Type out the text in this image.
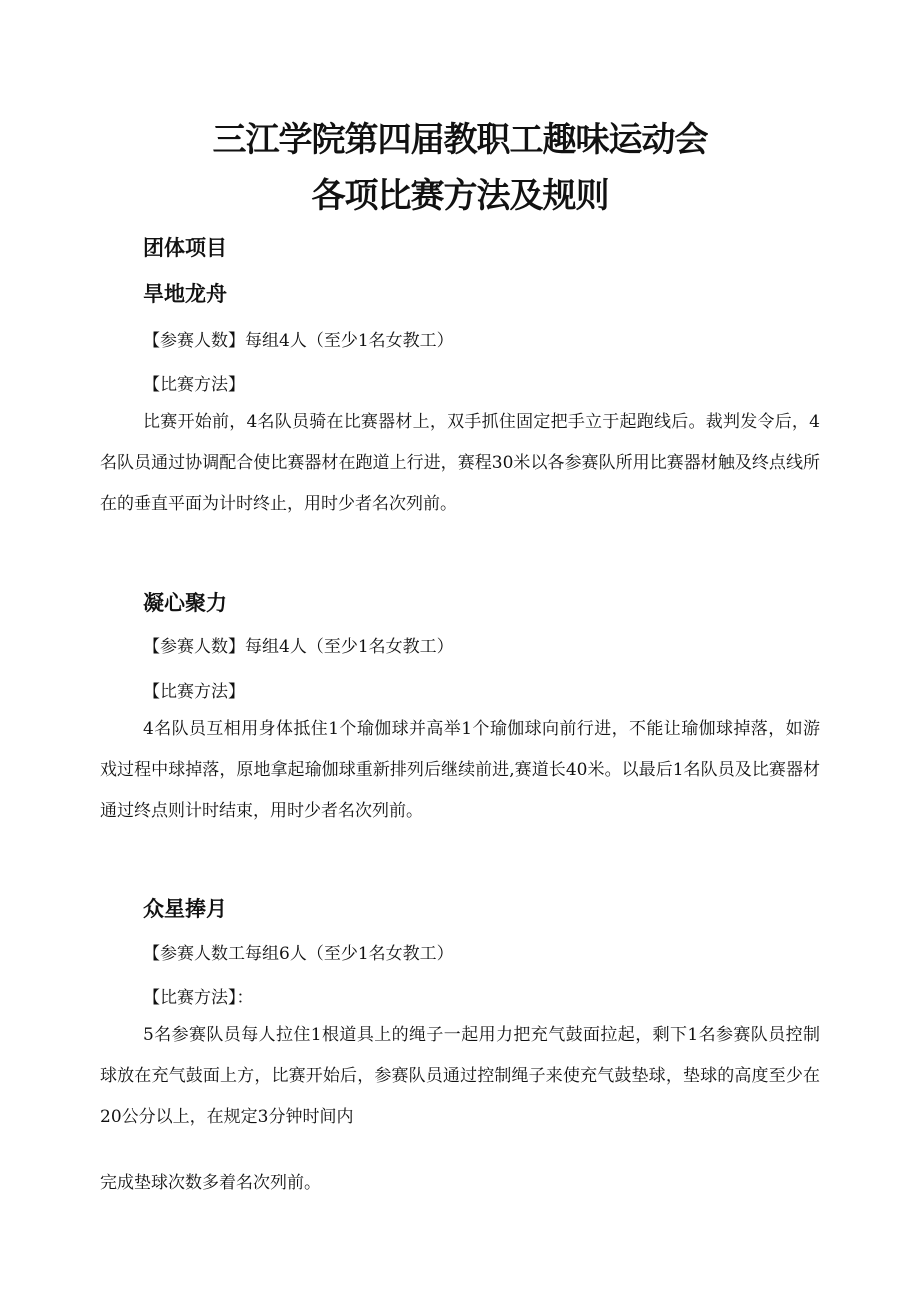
三江学院第四届教职工趣味运动会
各项比赛方法及规则
团体项目
旱地龙舟
【参赛人数】每组4人（至少1名女教工）
【比赛方法】
比赛开始前，4名队员骑在比赛器材上，双手抓住固定把手立于起跑线后。裁判发令后，4名队员通过协调配合使比赛器材在跑道上行进，赛程30米以各参赛队所用比赛器材触及终点线所在的垂直平面为计时终止，用时少者名次列前。
凝心聚力
【参赛人数】每组4人（至少1名女教工）
【比赛方法】
4名队员互相用身体抵住1个瑜伽球并高举1个瑜伽球向前行进，不能让瑜伽球掉落，如游戏过程中球掉落，原地拿起瑜伽球重新排列后继续前进,赛道长40米。以最后1名队员及比赛器材通过终点则计时结束，用时少者名次列前。
众星捧月
【参赛人数工每组6人（至少1名女教工）
【比赛方法】：
5名参赛队员每人拉住1根道具上的绳子一起用力把充气鼓面拉起，剩下1名参赛队员控制球放在充气鼓面上方，比赛开始后，参赛队员通过控制绳子来使充气鼓垫球，垫球的高度至少在20公分以上，在规定3分钟时间内
完成垫球次数多着名次列前。
